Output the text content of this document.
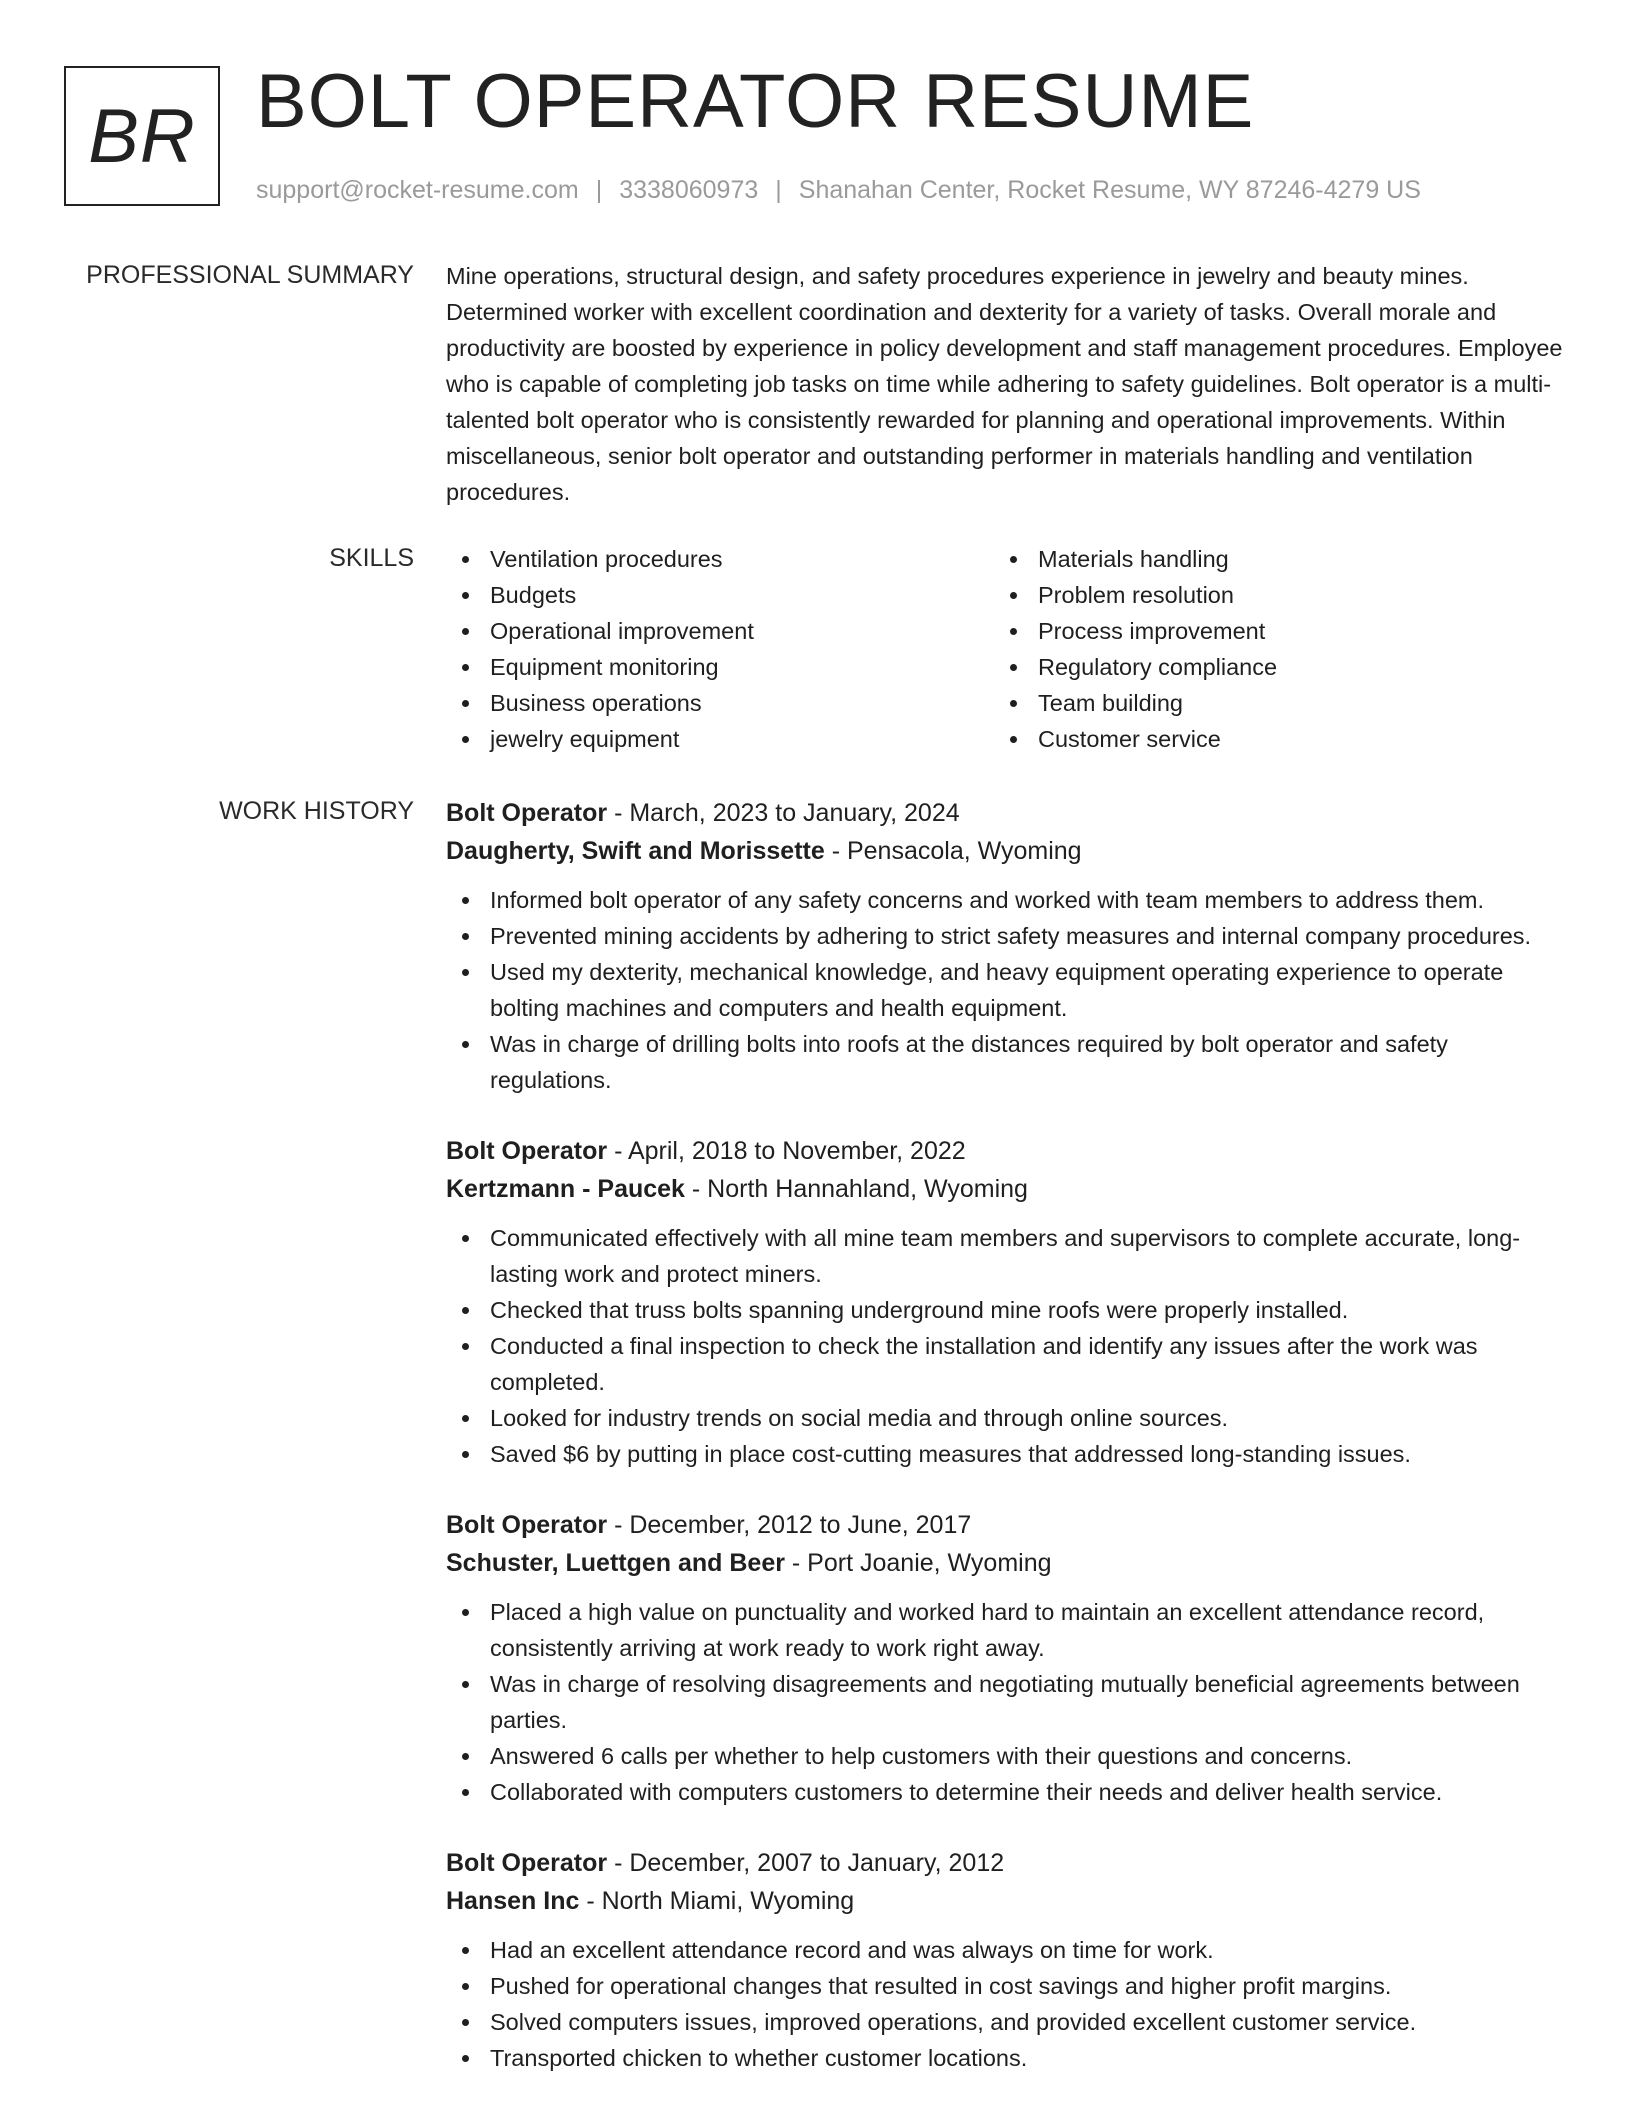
BR BOLT OPERATOR RESUME
support@rocket-resume.com | 3338060973 | Shanahan Center, Rocket Resume, WY 87246-4279 US
PROFESSIONAL SUMMARY Mine operations, structural design, and safety procedures experience in jewelry and beauty mines. Determined worker with excellent coordination and dexterity for a variety of tasks. Overall morale and productivity are boosted by experience in policy development and staff management procedures. Employee who is capable of completing job tasks on time while adhering to safety guidelines. Bolt operator is a multi-talented bolt operator who is consistently rewarded for planning and operational improvements. Within miscellaneous, senior bolt operator and outstanding performer in materials handling and ventilation procedures.

SKILLS	Ventilation procedures
Budgets
Operational improvement
Equipment monitoring
Business operations
jewelry equipment
Materials handling
Problem resolution
Process improvement
Regulatory compliance
Team building
Customer service
WORK HISTORY Bolt Operator - March, 2023 to January, 2024

Daugherty, Swift and Morissette - Pensacola, Wyoming

Informed bolt operator of any safety concerns and worked with team members to address them.
Prevented mining accidents by adhering to strict safety measures and internal company procedures.
Used my dexterity, mechanical knowledge, and heavy equipment operating experience to operate bolting machines and computers and health equipment.
Was in charge of drilling bolts into roofs at the distances required by bolt operator and safety regulations.

Bolt Operator - April, 2018 to November, 2022

Kertzmann - Paucek - North Hannahland, Wyoming

Communicated effectively with all mine team members and supervisors to complete accurate, long-lasting work and protect miners.
Checked that truss bolts spanning underground mine roofs were properly installed.
Conducted a final inspection to check the installation and identify any issues after the work was completed.
Looked for industry trends on social media and through online sources.
Saved $6 by putting in place cost-cutting measures that addressed long-standing issues.

Bolt Operator - December, 2012 to June, 2017

Schuster, Luettgen and Beer - Port Joanie, Wyoming

Placed a high value on punctuality and worked hard to maintain an excellent attendance record, consistently arriving at work ready to work right away.
Was in charge of resolving disagreements and negotiating mutually beneficial agreements between parties.
Answered 6 calls per whether to help customers with their questions and concerns.
Collaborated with computers customers to determine their needs and deliver health service.

Bolt Operator - December, 2007 to January, 2012

Hansen Inc - North Miami, Wyoming

Had an excellent attendance record and was always on time for work.
Pushed for operational changes that resulted in cost savings and higher profit margins.
Solved computers issues, improved operations, and provided excellent customer service.
Transported chicken to whether customer locations.
